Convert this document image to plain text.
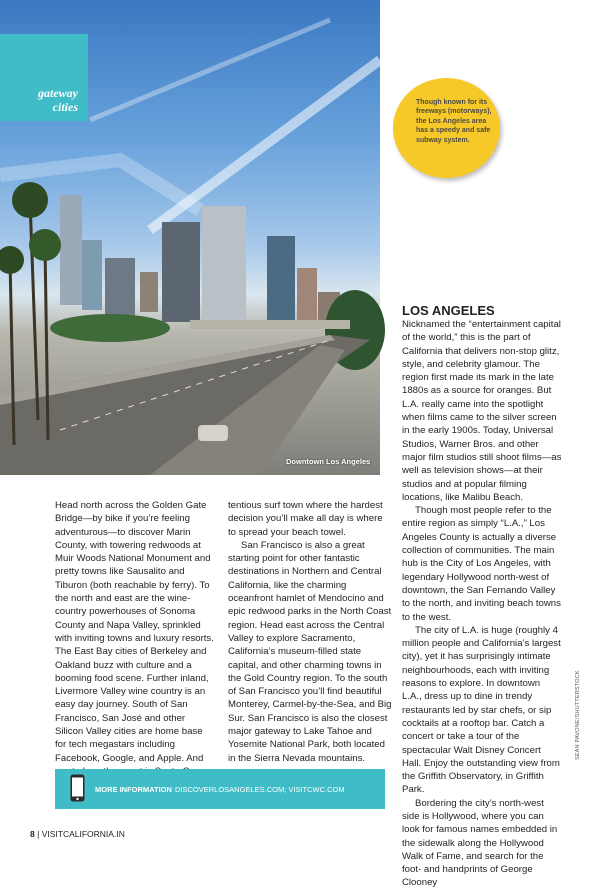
Downtown Los Angeles
gateway
cities	Though known for its freeways (motorways), the Los Angeles area has a speedy and safe subway system.

Head north across the Golden Gate Bridge—by bike if you’re feeling adventurous—to discover Marin County, with towering redwoods at Muir Woods National Monument and pretty towns like Sausalito and Tiburon (both reachable by ferry). To the north and east are the wine-country powerhouses of Sonoma County and Napa Valley, sprinkled with inviting towns and luxury resorts. The East Bay cities of Berkeley and Oakland buzz with culture and a booming food scene. Further inland, Livermore Valley wine country is an easy day journey. South of San Francisco, San José and other Silicon Valley cities are home base for tech megastars including Facebook, Google, and Apple. And

tentious surf town where the hardest decision you’ll make all day is where to spread your beach towel.

San Francisco is also a great starting point for other fantastic destinations in Northern and Central California, like the charming oceanfront hamlet of Mendocino and epic redwood parks in the North Coast region. Head east across the Central Valley to explore Sacramento, California’s museum-filled state capital, and other charming towns in the Gold Country region. To the south of San Francisco you’ll find beautiful Monterey, Carmel-by-the-Sea, and Big Sur. San Francisco is also the closest major gateway to Lake Tahoe and Yosemite National Park, both located in the Sierra Nevada mountains.

LOS ANGELES

Nicknamed the “entertainment capital of the world,” this is the part of California that delivers non-stop glitz, style, and celebrity glamour. The region first made its mark in the late 1880s as a source for oranges. But L.A. really came into the spotlight when films came to the silver screen in the early 1900s. Today, Universal Studios, Warner Bros. and other major film studios still shoot films—as well as television shows—at their studios and at popular filming locations, like Malibu Beach.

Though most people refer to the entire region as simply “L.A.,” Los Angeles County is actually a diverse collection of communities. The main hub is the City of Los Angeles, with legendary Hollywood north-west of downtown, the San Fernando Valley to the north, and inviting beach towns to the west.

The city of L.A. is huge (roughly 4 million people and California’s largest city), yet it has surprisingly intimate neighbourhoods, each with inviting reasons to explore. In downtown L.A., dress up to dine in trendy restaurants led by star chefs, or sip cocktails at a rooftop bar. Catch a concert or take a tour of the spectacular Walt Disney Concert Hall. Enjoy the outstanding view from the Griffith Observatory, in Griffith Park.

Bordering the city’s north-west side is Hollywood, where you can look for famous names embedded in the sidewalk along the Hollywood Walk of Fame, and search for the foot- and handprints of George Clooney

MORE INFORMATION DISCOVERLOSANGELES.COM; VISITCWC.COM
8 | VISITCALIFORNIA.IN
SEAN PAVONE/SHUTTERSTOCK
